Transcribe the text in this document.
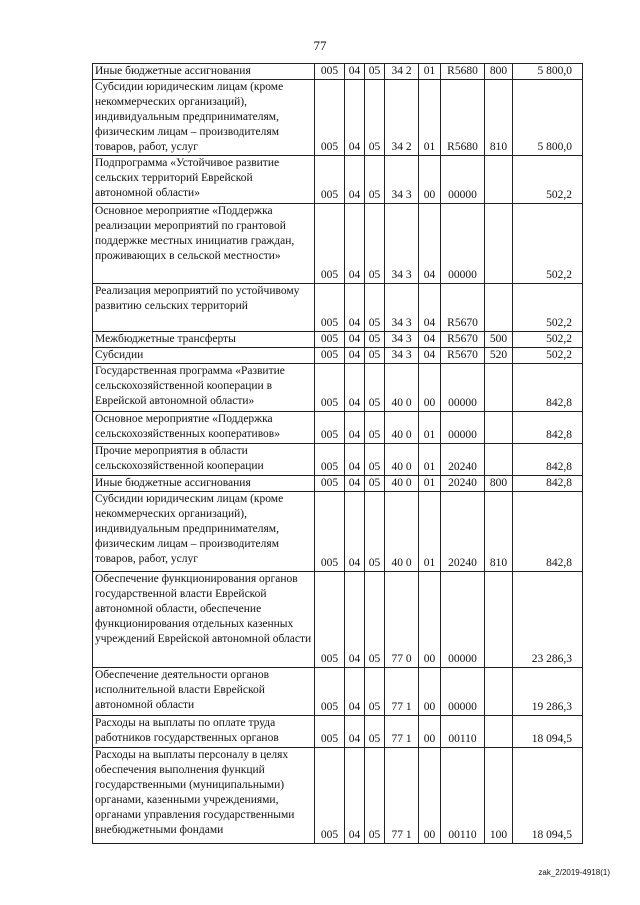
77
Иные бюджетные ассигнования	005	04	05	34 2	01	R5680	800	5 800,0
Субсидии юридическим лицам (кроме некоммерческих организаций), индивидуальным предпринимателям, физическим лицам – производителям товаров, работ, услуг	005	04	05	34 2	01	R5680	810	5 800,0
Подпрограмма «Устойчивое развитие сельских территорий Еврейской автономной области»	005	04	05	34 3	00	00000		502,2
Основное мероприятие «Поддержка реализации мероприятий по грантовой поддержке местных инициатив граждан, проживающих в сельской местности»	005	04	05	34 3	04	00000		502,2
Реализация мероприятий по устойчивому развитию сельских территорий	005	04	05	34 3	04	R5670		502,2
Межбюджетные трансферты	005	04	05	34 3	04	R5670	500	502,2
Субсидии	005	04	05	34 3	04	R5670	520	502,2
Государственная программа «Развитие сельскохозяйственной кооперации в Еврейской автономной области»	005	04	05	40 0	00	00000		842,8
Основное мероприятие «Поддержка сельскохозяйственных кооперативов»	005	04	05	40 0	01	00000		842,8
Прочие мероприятия в области сельскохозяйственной кооперации	005	04	05	40 0	01	20240		842,8
Иные бюджетные ассигнования	005	04	05	40 0	01	20240	800	842,8
Субсидии юридическим лицам (кроме некоммерческих организаций), индивидуальным предпринимателям, физическим лицам – производителям товаров, работ, услуг	005	04	05	40 0	01	20240	810	842,8
Обеспечение функционирования органов государственной власти Еврейской автономной области, обеспечение функционирования отдельных казенных учреждений Еврейской автономной области	005	04	05	77 0	00	00000		23 286,3
Обеспечение деятельности органов исполнительной власти Еврейской автономной области	005	04	05	77 1	00	00000		19 286,3
Расходы на выплаты по оплате труда работников государственных органов	005	04	05	77 1	00	00110		18 094,5
Расходы на выплаты персоналу в целях обеспечения выполнения функций государственными (муниципальными) органами, казенными учреждениями, органами управления государственными внебюджетными фондами	005	04	05	77 1	00	00110	100	18 094,5
zak_2/2019-4918(1)
